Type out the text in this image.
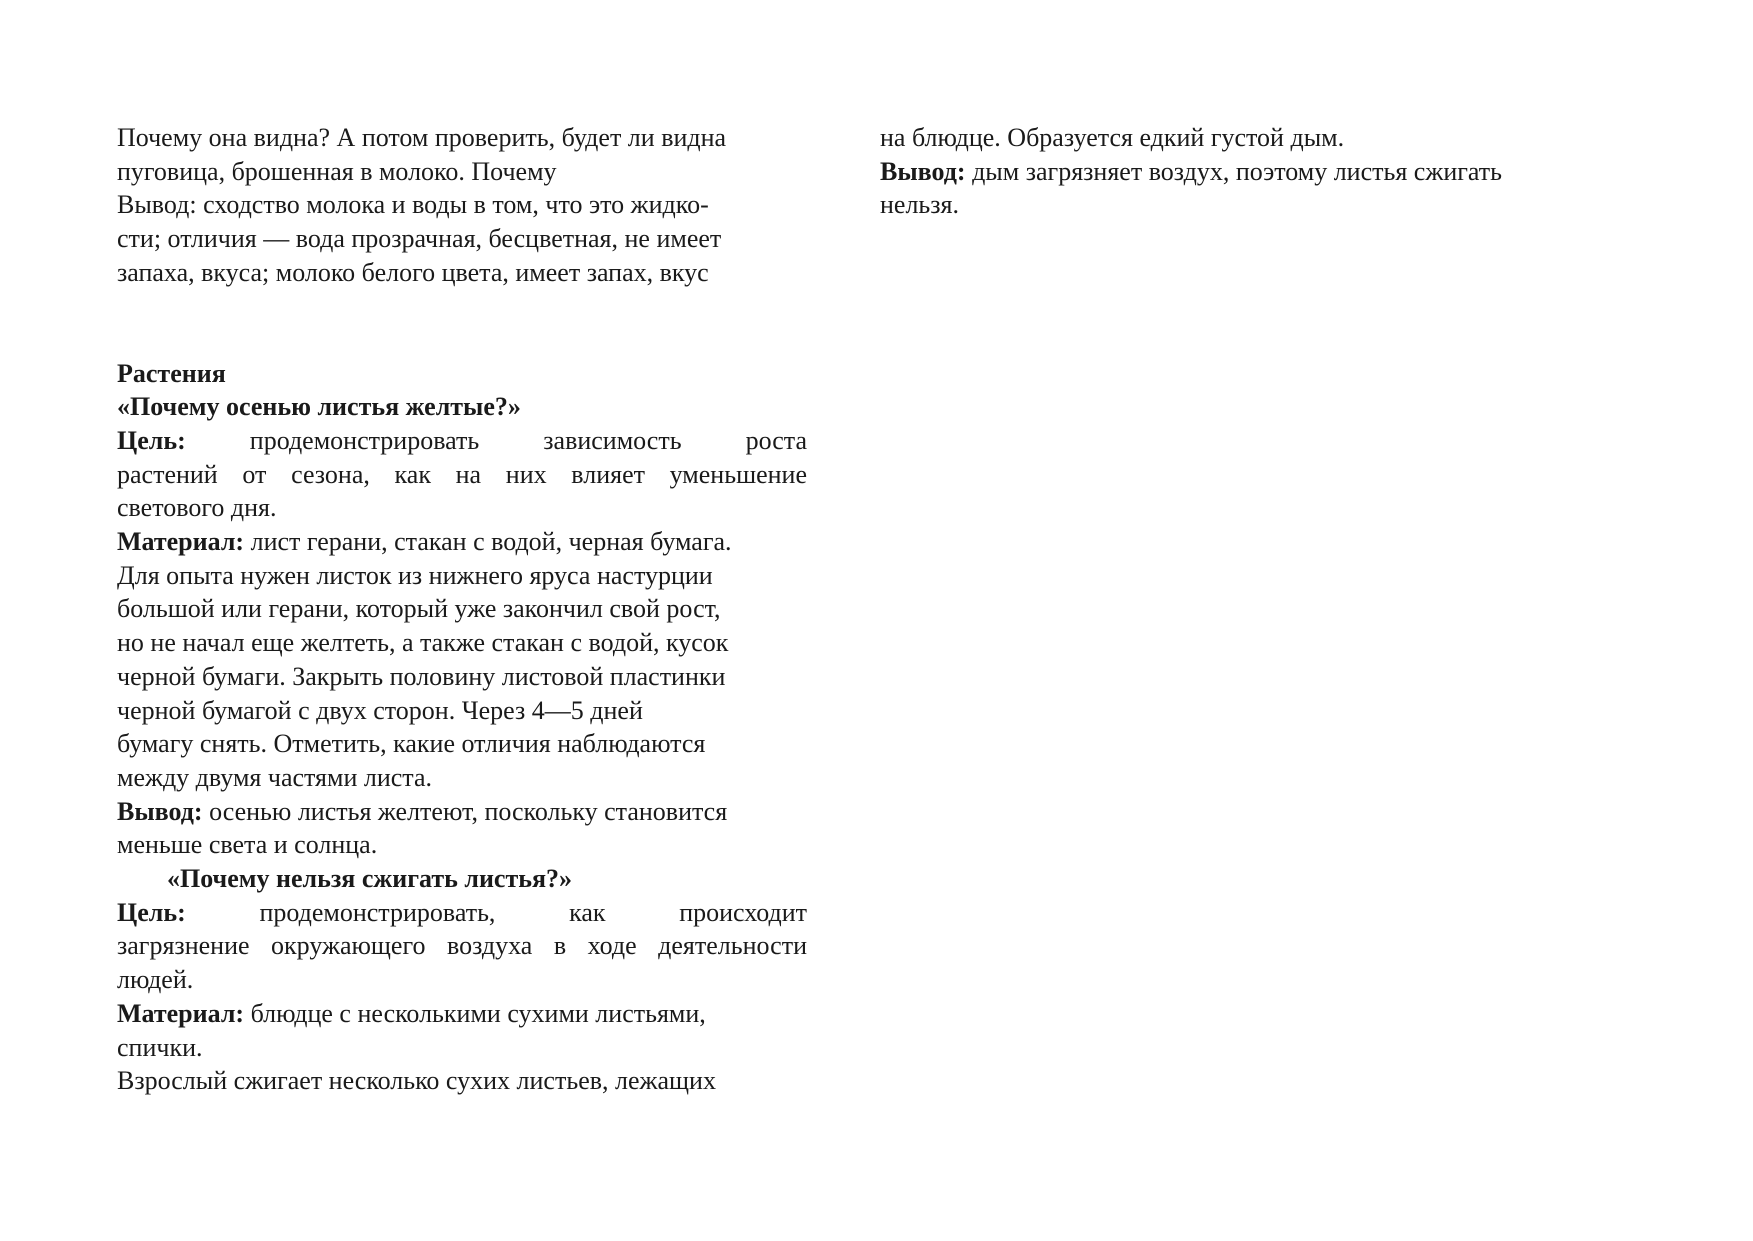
Почему она видна? А потом проверить, будет ли видна
пуговица, брошенная в молоко. Почему
Вывод: сходство молока и воды в том, что это жидко-
сти; отличия — вода прозрачная, бесцветная, не имеет
запаха, вкуса; молоко белого цвета, имеет запах, вкус
Растения
«Почему осенью листья желтые?»
Цель: продемонстрировать зависимость роста
растений от сезона, как на них влияет уменьшение
светового дня.
Материал: лист герани, стакан с водой, черная бумага.
Для опыта нужен листок из нижнего яруса настурции
большой или герани, который уже закончил свой рост,
но не начал еще желтеть, а также стакан с водой, кусок
черной бумаги. Закрыть половину листовой пластинки
черной бумагой с двух сторон. Через 4—5 дней
бумагу снять. Отметить, какие отличия наблюдаются
между двумя частями листа.
Вывод: осенью листья желтеют, поскольку становится
меньше света и солнца.
«Почему нельзя сжигать листья?»
Цель:	продемонстрировать, как происходит
загрязнение окружающего воздуха в ходе деятельности
людей.
Материал: блюдце с несколькими сухими листьями,
спички.
Взрослый сжигает несколько сухих листьев, лежащих
на блюдце. Образуется едкий густой дым.
Вывод: дым загрязняет воздух, поэтому листья сжигать
нельзя.
